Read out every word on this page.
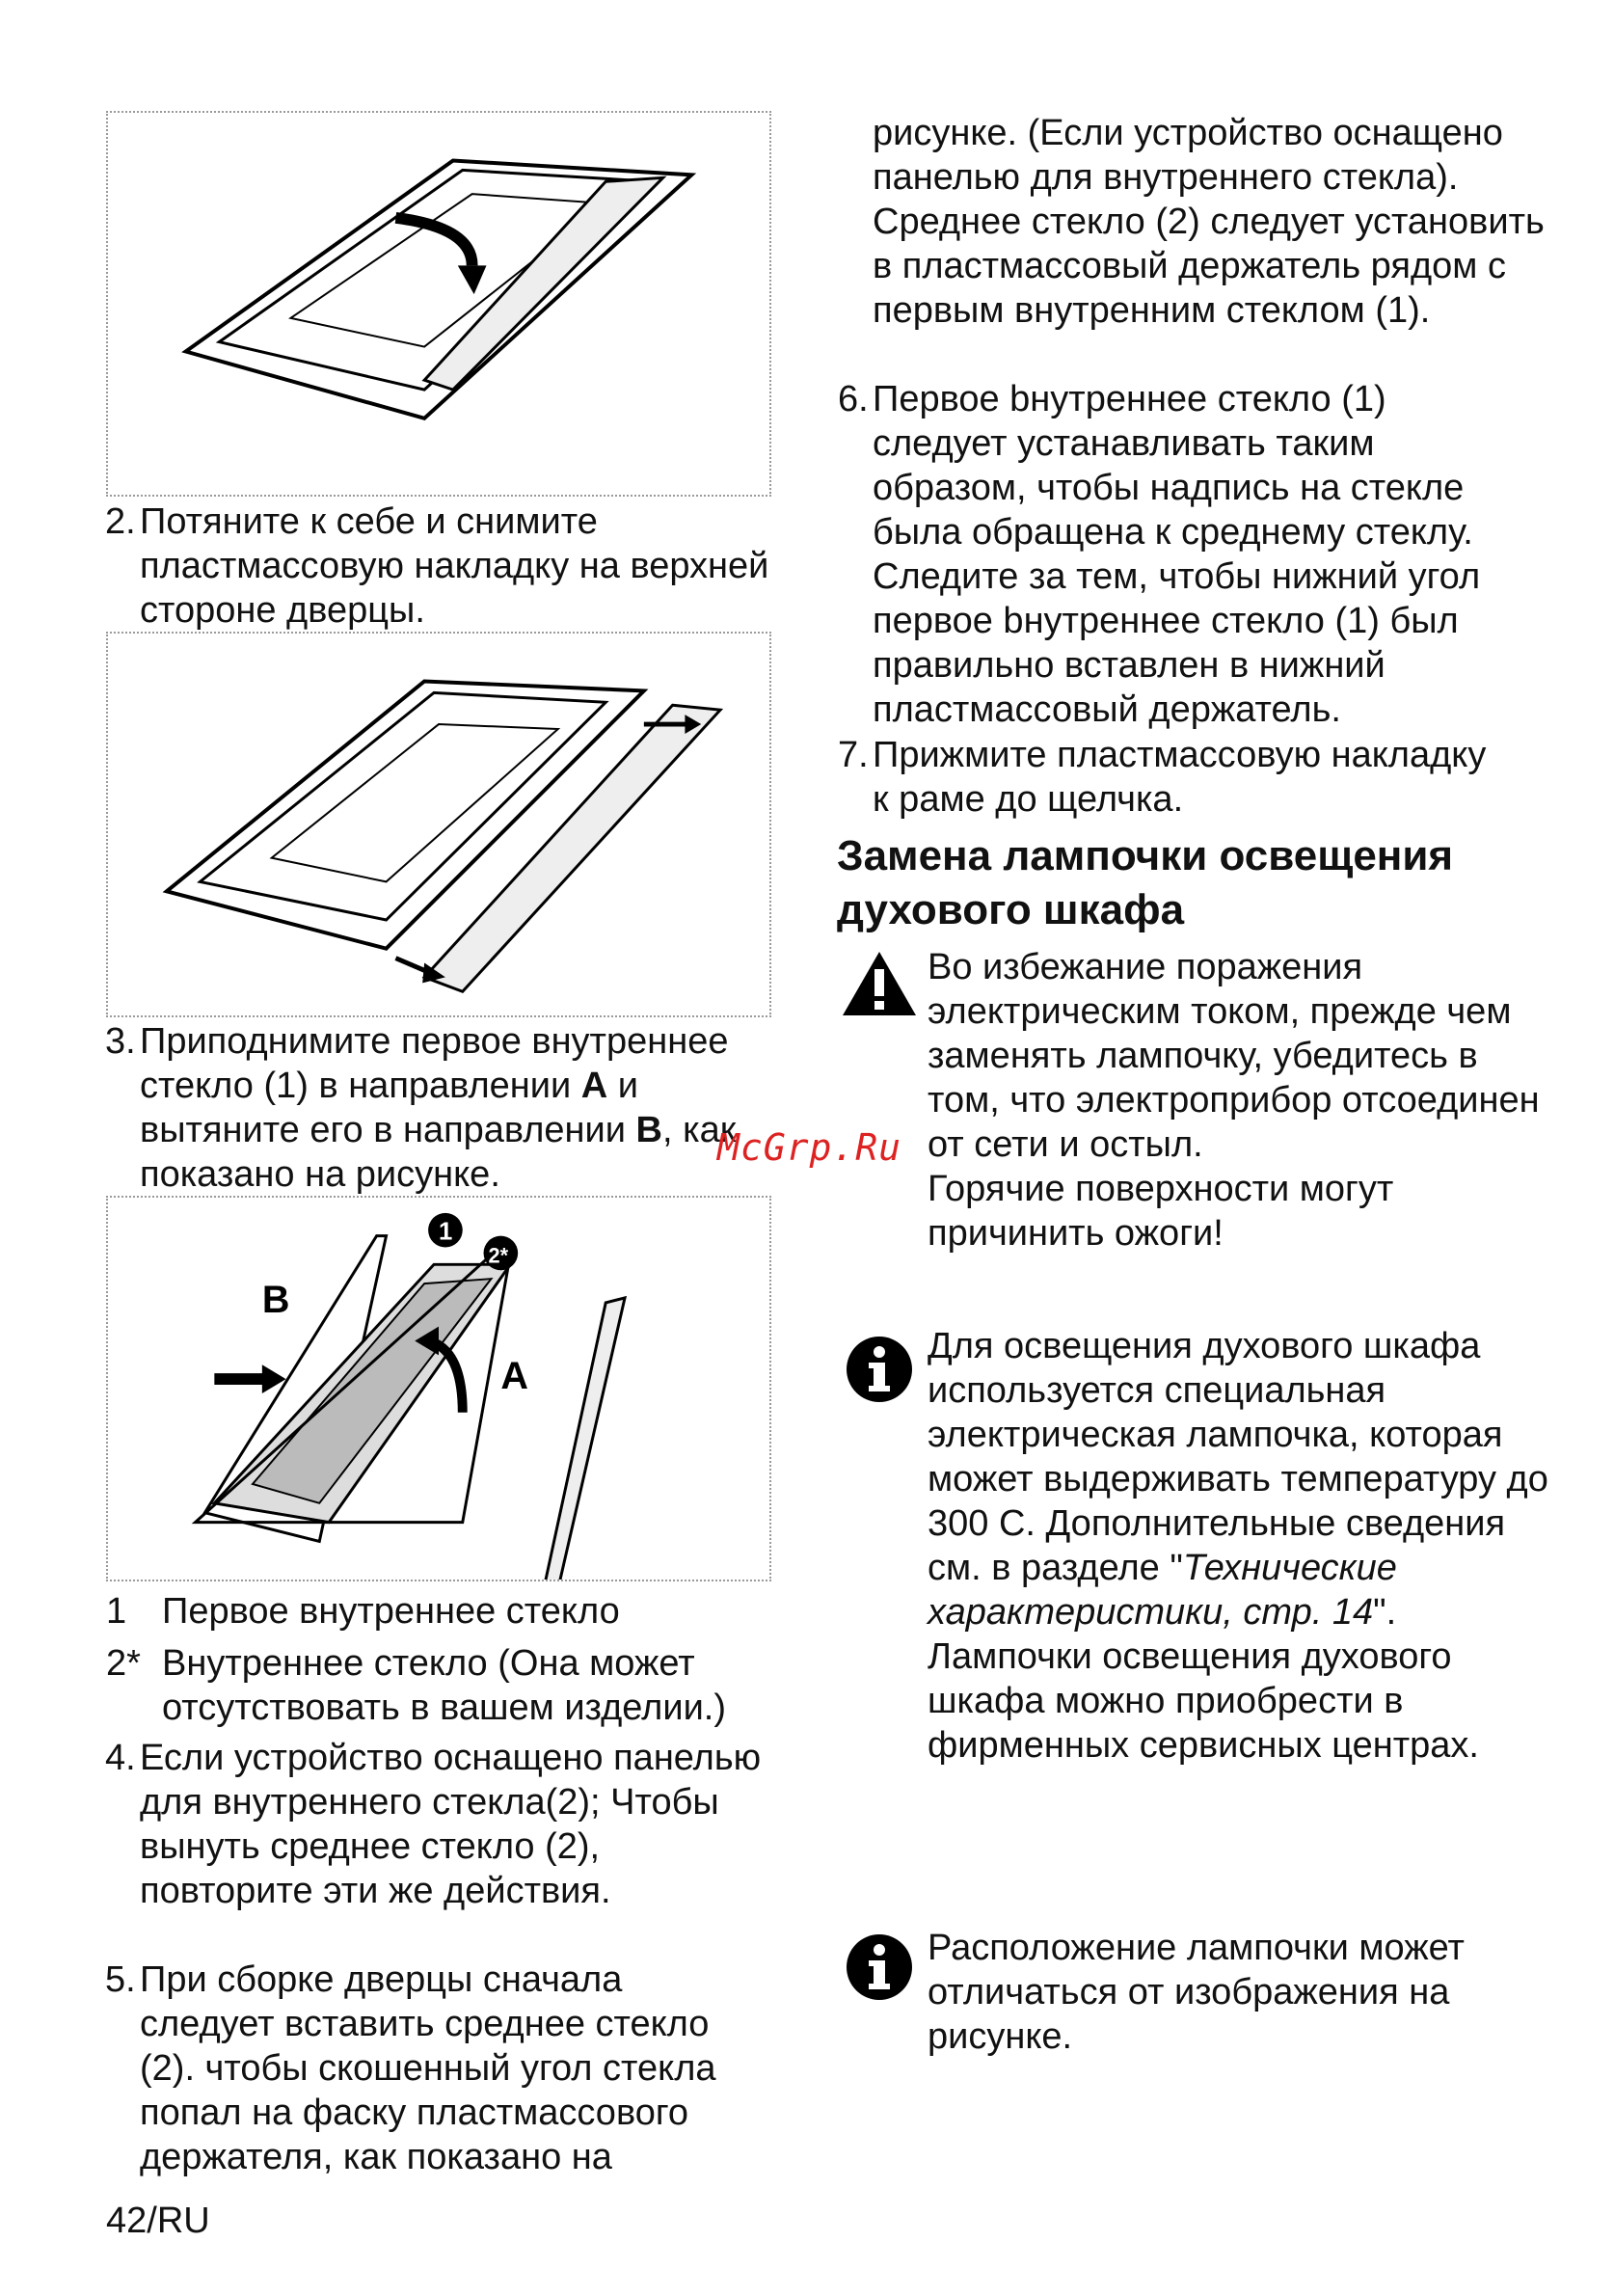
2. Потяните к себе и снимите пластмассовую накладку на верхней стороне дверцы.
3. Приподнимите первое внутреннее стекло (1) в направлении A и вытяните его в направлении B, как показано на рисунке.
B
A
1
2*
1 Первое внутреннее стекло
2* Внутреннее стекло (Она может отсутствовать в вашем изделии.)
4. Если устройство оснащено панелью для внутреннего стекла(2); Чтобы вынуть среднее стекло (2), повторите эти же действия.
5. При сборке дверцы сначала следует вставить среднее стекло (2). чтобы скошенный угол стекла попал на фаску пластмассового держателя, как показано на
рисунке. (Если устройство оснащено панелью для внутреннего стекла). Среднее стекло (2) следует установить в пластмассовый держатель рядом с первым внутренним стеклом (1).
6. Первое bнутреннее стекло (1) следует устанавливать таким образом, чтобы надпись на стекле была обращена к среднему стеклу. Следите за тем, чтобы нижний угол первое bнутреннее стекло (1) был правильно вставлен в нижний пластмассовый держатель.
7. Прижмите пластмассовую накладку к раме до щелчка.
Замена лампочки освещения духового шкафа
Во избежание поражения электрическим током, прежде чем заменять лампочку, убедитесь в том, что электроприбор отсоединен от сети и остыл.
Горячие поверхности могут причинить ожоги!
Для освещения духового шкафа используется специальная электрическая лампочка, которая может выдерживать температуру до 300 С. Дополнительные сведения см. в разделе "Технические характеристики, стр. 14". Лампочки освещения духового шкафа можно приобрести в фирменных сервисных центрах.
Расположение лампочки может отличаться от изображения на рисунке.
McGrp.Ru
42/RU
